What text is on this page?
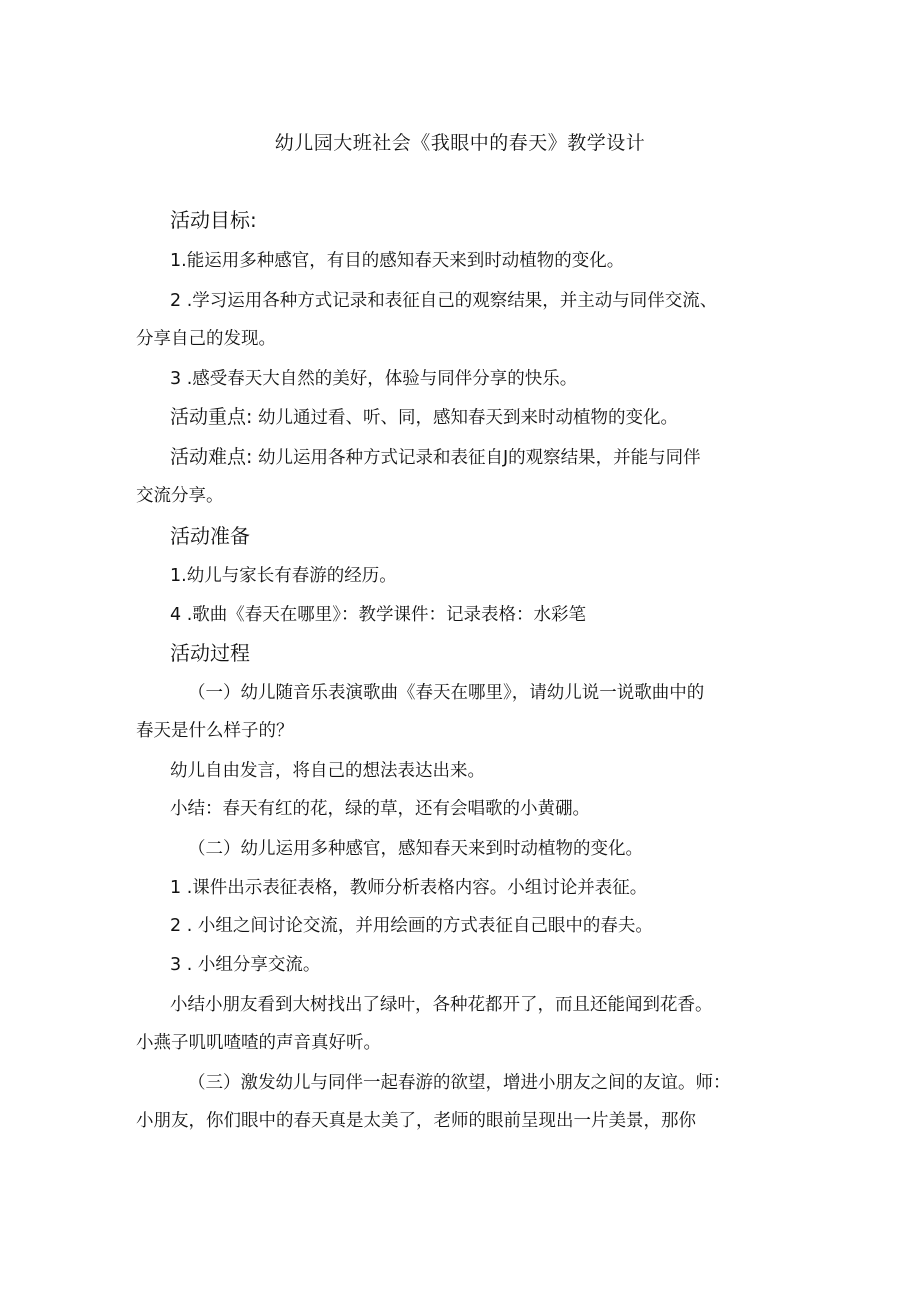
幼儿园大班社会《我眼中的春天》教学设计
活动目标:
1.能运用多种感官，有目的感知春天来到时动植物的变化。
2 .学习运用各种方式记录和表征自己的观察结果，并主动与同伴交流、
分享自己的发现。
3 .感受春天大自然的美好，体验与同伴分享的快乐。
活动重点: 幼儿通过看、听、同，感知春天到来时动植物的变化。
活动难点: 幼儿运用各种方式记录和表征自J的观察结果，并能与同伴
交流分享。
活动准备
1.幼儿与家长有春游的经历。
4 .歌曲《春天在哪里》：教学课件：记录表格：水彩笔
活动过程
（一）幼儿随音乐表演歌曲《春天在哪里》，请幼儿说一说歌曲中的
春天是什么样子的？
幼儿自由发言，将自己的想法表达出来。
小结：春天有红的花，绿的草，还有会唱歌的小黄硼。
（二）幼儿运用多种感官，感知春天来到时动植物的变化。
1 .课件出示表征表格，教师分析表格内容。小组讨论并表征。
2 . 小组之间讨论交流，并用绘画的方式表征自己眼中的春夫。
3 . 小组分享交流。
小结小朋友看到大树找出了绿叶，各种花都开了，而且还能闻到花香。
小燕子叽叽喳喳的声音真好听。
（三）激发幼儿与同伴一起春游的欲望，增进小朋友之间的友谊。师：
小朋友，你们眼中的春天真是太美了，老师的眼前呈现出一片美景，那你
